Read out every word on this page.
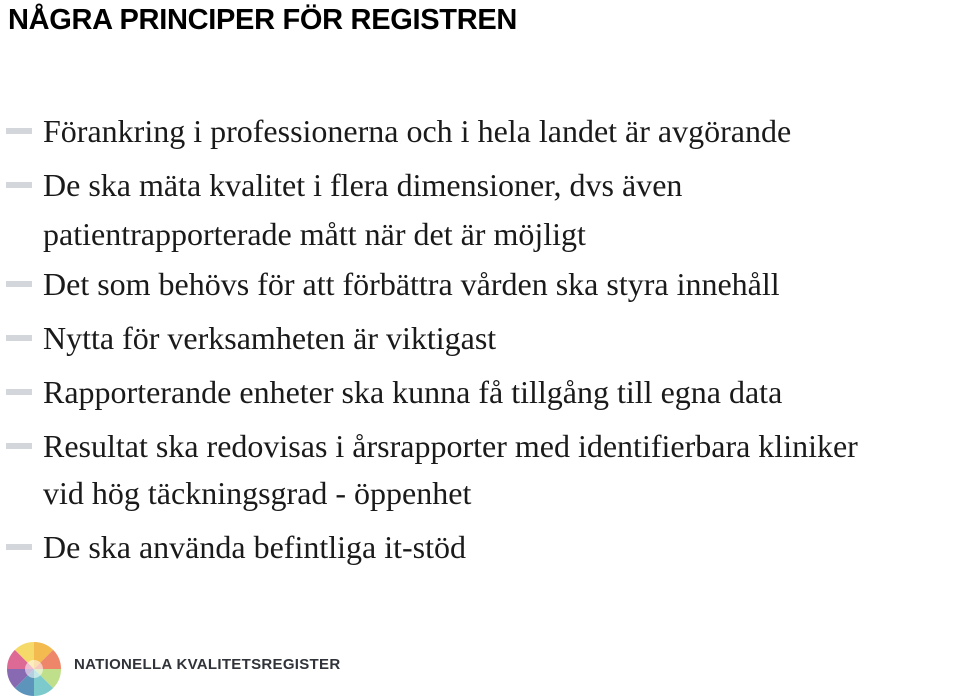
NÅGRA PRINCIPER FÖR REGISTREN
Förankring i professionerna och i hela landet är avgörande
De ska mäta kvalitet i flera dimensioner, dvs även
patientrapporterade mått när det är möjligt
Det som behövs för att förbättra vården ska styra innehåll
Nytta för verksamheten är viktigast
Rapporterande enheter ska kunna få tillgång till egna data
Resultat ska redovisas i årsrapporter med identifierbara kliniker
vid hög täckningsgrad - öppenhet
De ska använda befintliga it-stöd
NATIONELLA KVALITETSREGISTER
